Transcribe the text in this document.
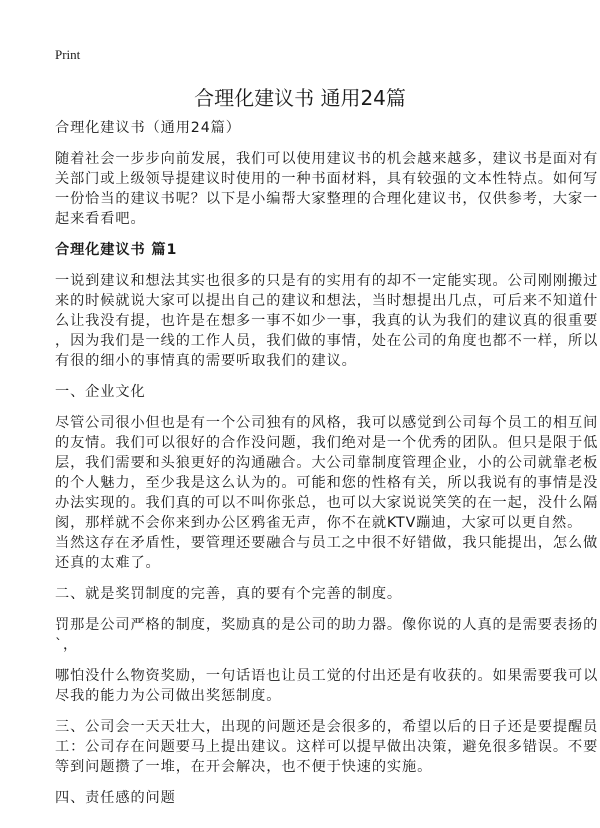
Print
合理化建议书 通用24篇
合理化建议书（通用24篇）
随着社会一步步向前发展，我们可以使用建议书的机会越来越多，建议书是面对有
关部门或上级领导提建议时使用的一种书面材料，具有较强的文本性特点。如何写
一份恰当的建议书呢？以下是小编帮大家整理的合理化建议书，仅供参考，大家一
起来看看吧。
合理化建议书 篇1
一说到建议和想法其实也很多的只是有的实用有的却不一定能实现。公司刚刚搬过
来的时候就说大家可以提出自己的建议和想法，当时想提出几点，可后来不知道什
么让我没有提，也许是在想多一事不如少一事，我真的认为我们的建议真的很重要
，因为我们是一线的工作人员，我们做的事情，处在公司的角度也都不一样，所以
有很的细小的事情真的需要听取我们的建议。
一、企业文化
尽管公司很小但也是有一个公司独有的风格，我可以感觉到公司每个员工的相互间
的友情。我们可以很好的合作没问题，我们绝对是一个优秀的团队。但只是限于低
层，我们需要和头狼更好的沟通融合。大公司靠制度管理企业，小的公司就靠老板
的个人魅力，至少我是这么认为的。可能和您的性格有关，所以我说有的事情是没
办法实现的。我们真的可以不叫你张总，也可以大家说说笑笑的在一起，没什么隔
阂，那样就不会你来到办公区鸦雀无声，你不在就KTV蹦迪，大家可以更自然。
当然这存在矛盾性，要管理还要融合与员工之中很不好错做，我只能提出，怎么做
还真的太难了。
二、就是奖罚制度的完善，真的要有个完善的制度。
罚那是公司严格的制度，奖励真的是公司的助力器。像你说的人真的是需要表扬的
`，
哪怕没什么物资奖励，一句话语也让员工觉的付出还是有收获的。如果需要我可以
尽我的能力为公司做出奖惩制度。
三、公司会一天天壮大，出现的问题还是会很多的，希望以后的日子还是要提醒员
工：公司存在问题要马上提出建议。这样可以提早做出决策，避免很多错误。不要
等到问题攒了一堆，在开会解决，也不便于快速的实施。
四、责任感的问题
